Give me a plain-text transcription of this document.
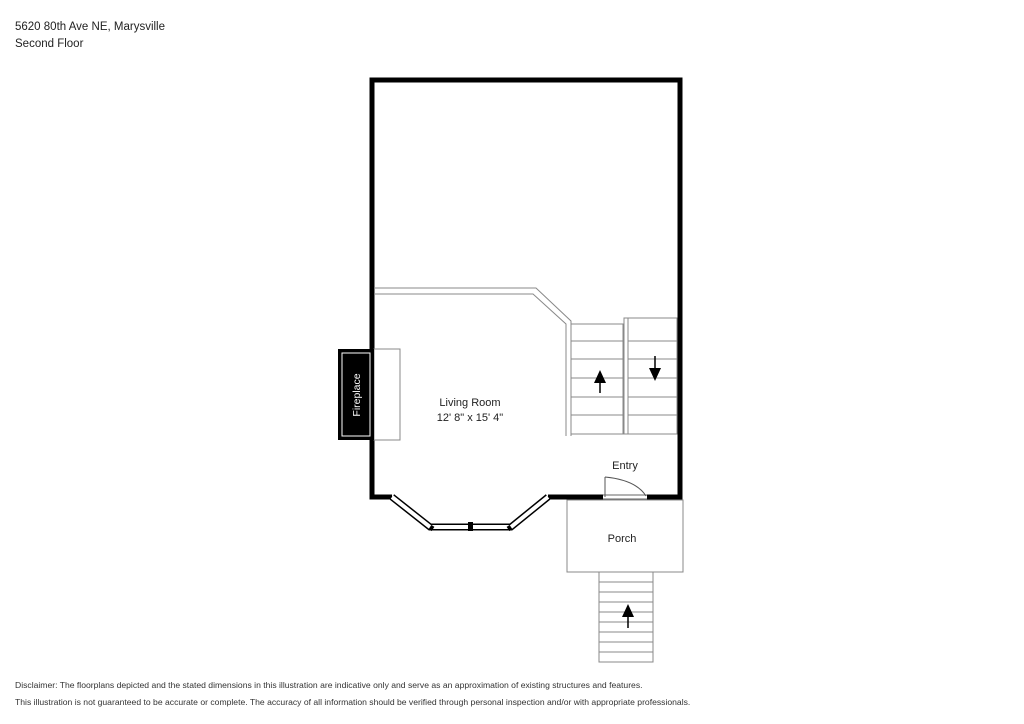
5620 80th Ave NE, Marysville
Second Floor
Fireplace	Living Room
12' 8" x 15' 4"
Entry
Porch
Disclaimer: The floorplans depicted and the stated dimensions in this illustration are indicative only and serve as an approximation of existing structures and features.
This illustration is not guaranteed to be accurate or complete. The accuracy of all information should be verified through personal inspection and/or with appropriate professionals.
